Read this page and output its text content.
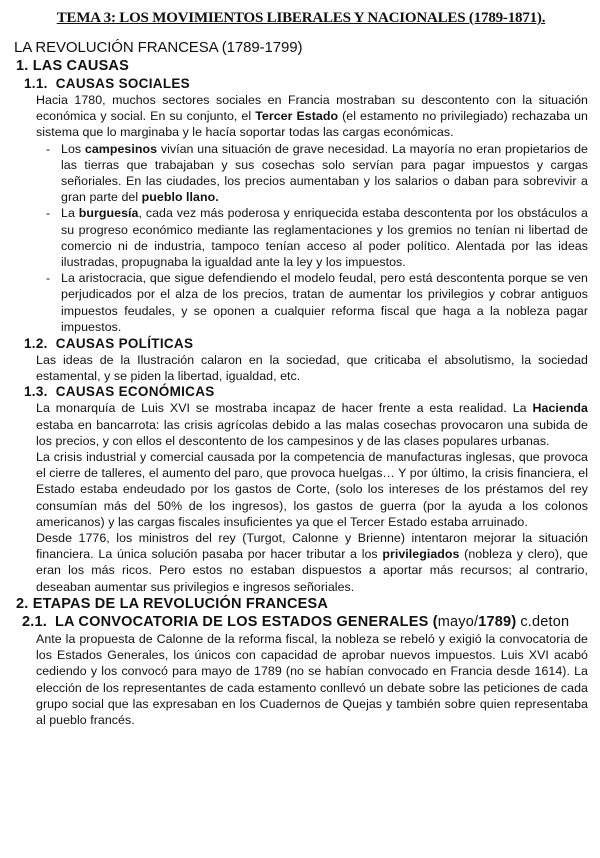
TEMA 3: LOS MOVIMIENTOS LIBERALES Y NACIONALES (1789-1871).
LA REVOLUCIÓN FRANCESA (1789-1799)
1. LAS CAUSAS
1.1. CAUSAS SOCIALES

Hacia 1780, muchos sectores sociales en Francia mostraban su descontento con la situación económica y social. En su conjunto, el Tercer Estado (el estamento no privilegiado) rechazaba un sistema que lo marginaba y le hacía soportar todas las cargas económicas.

- Los campesinos vivían una situación de grave necesidad. La mayoría no eran propietarios de las tierras que trabajaban y sus cosechas solo servían para pagar impuestos y cargas señoriales. En las ciudades, los precios aumentaban y los salarios o daban para sobrevivir a gran parte del pueblo llano.
- La burguesía, cada vez más poderosa y enriquecida estaba descontenta por los obstáculos a su progreso económico mediante las reglamentaciones y los gremios no tenían ni libertad de comercio ni de industria, tampoco tenían acceso al poder político. Alentada por las ideas ilustradas, propugnaba la igualdad ante la ley y los impuestos.
- La aristocracia, que sigue defendiendo el modelo feudal, pero está descontenta porque se ven perjudicados por el alza de los precios, tratan de aumentar los privilegios y cobrar antiguos impuestos feudales, y se oponen a cualquier reforma fiscal que haga a la nobleza pagar impuestos.
1.2. CAUSAS POLÍTICAS

Las ideas de la Ilustración calaron en la sociedad, que criticaba el absolutismo, la sociedad estamental, y se piden la libertad, igualdad, etc.

1.3. CAUSAS ECONÓMICAS

La monarquía de Luis XVI se mostraba incapaz de hacer frente a esta realidad. La Hacienda estaba en bancarrota: las crisis agrícolas debido a las malas cosechas provocaron una subida de los precios, y con ellos el descontento de los campesinos y de las clases populares urbanas.

La crisis industrial y comercial causada por la competencia de manufacturas inglesas, que provoca el cierre de talleres, el aumento del paro, que provoca huelgas… Y por último, la crisis financiera, el Estado estaba endeudado por los gastos de Corte, (solo los intereses de los préstamos del rey consumían más del 50% de los ingresos), los gastos de guerra (por la ayuda a los colonos americanos) y las cargas fiscales insuficientes ya que el Tercer Estado estaba arruinado.

Desde 1776, los ministros del rey (Turgot, Calonne y Brienne) intentaron mejorar la situación financiera. La única solución pasaba por hacer tributar a los privilegiados (nobleza y clero), que eran los más ricos. Pero estos no estaban dispuestos a aportar más recursos; al contrario, deseaban aumentar sus privilegios e ingresos señoriales.

2. ETAPAS DE LA REVOLUCIÓN FRANCESA
2.1. LA CONVOCATORIA DE LOS ESTADOS GENERALES (mayo/1789) c.deton

Ante la propuesta de Calonne de la reforma fiscal, la nobleza se rebeló y exigió la convocatoria de los Estados Generales, los únicos con capacidad de aprobar nuevos impuestos. Luis XVI acabó cediendo y los convocó para mayo de 1789 (no se habían convocado en Francia desde 1614). La elección de los representantes de cada estamento conllevó un debate sobre las peticiones de cada grupo social que las expresaban en los Cuadernos de Quejas y también sobre quien representaba al pueblo francés.
